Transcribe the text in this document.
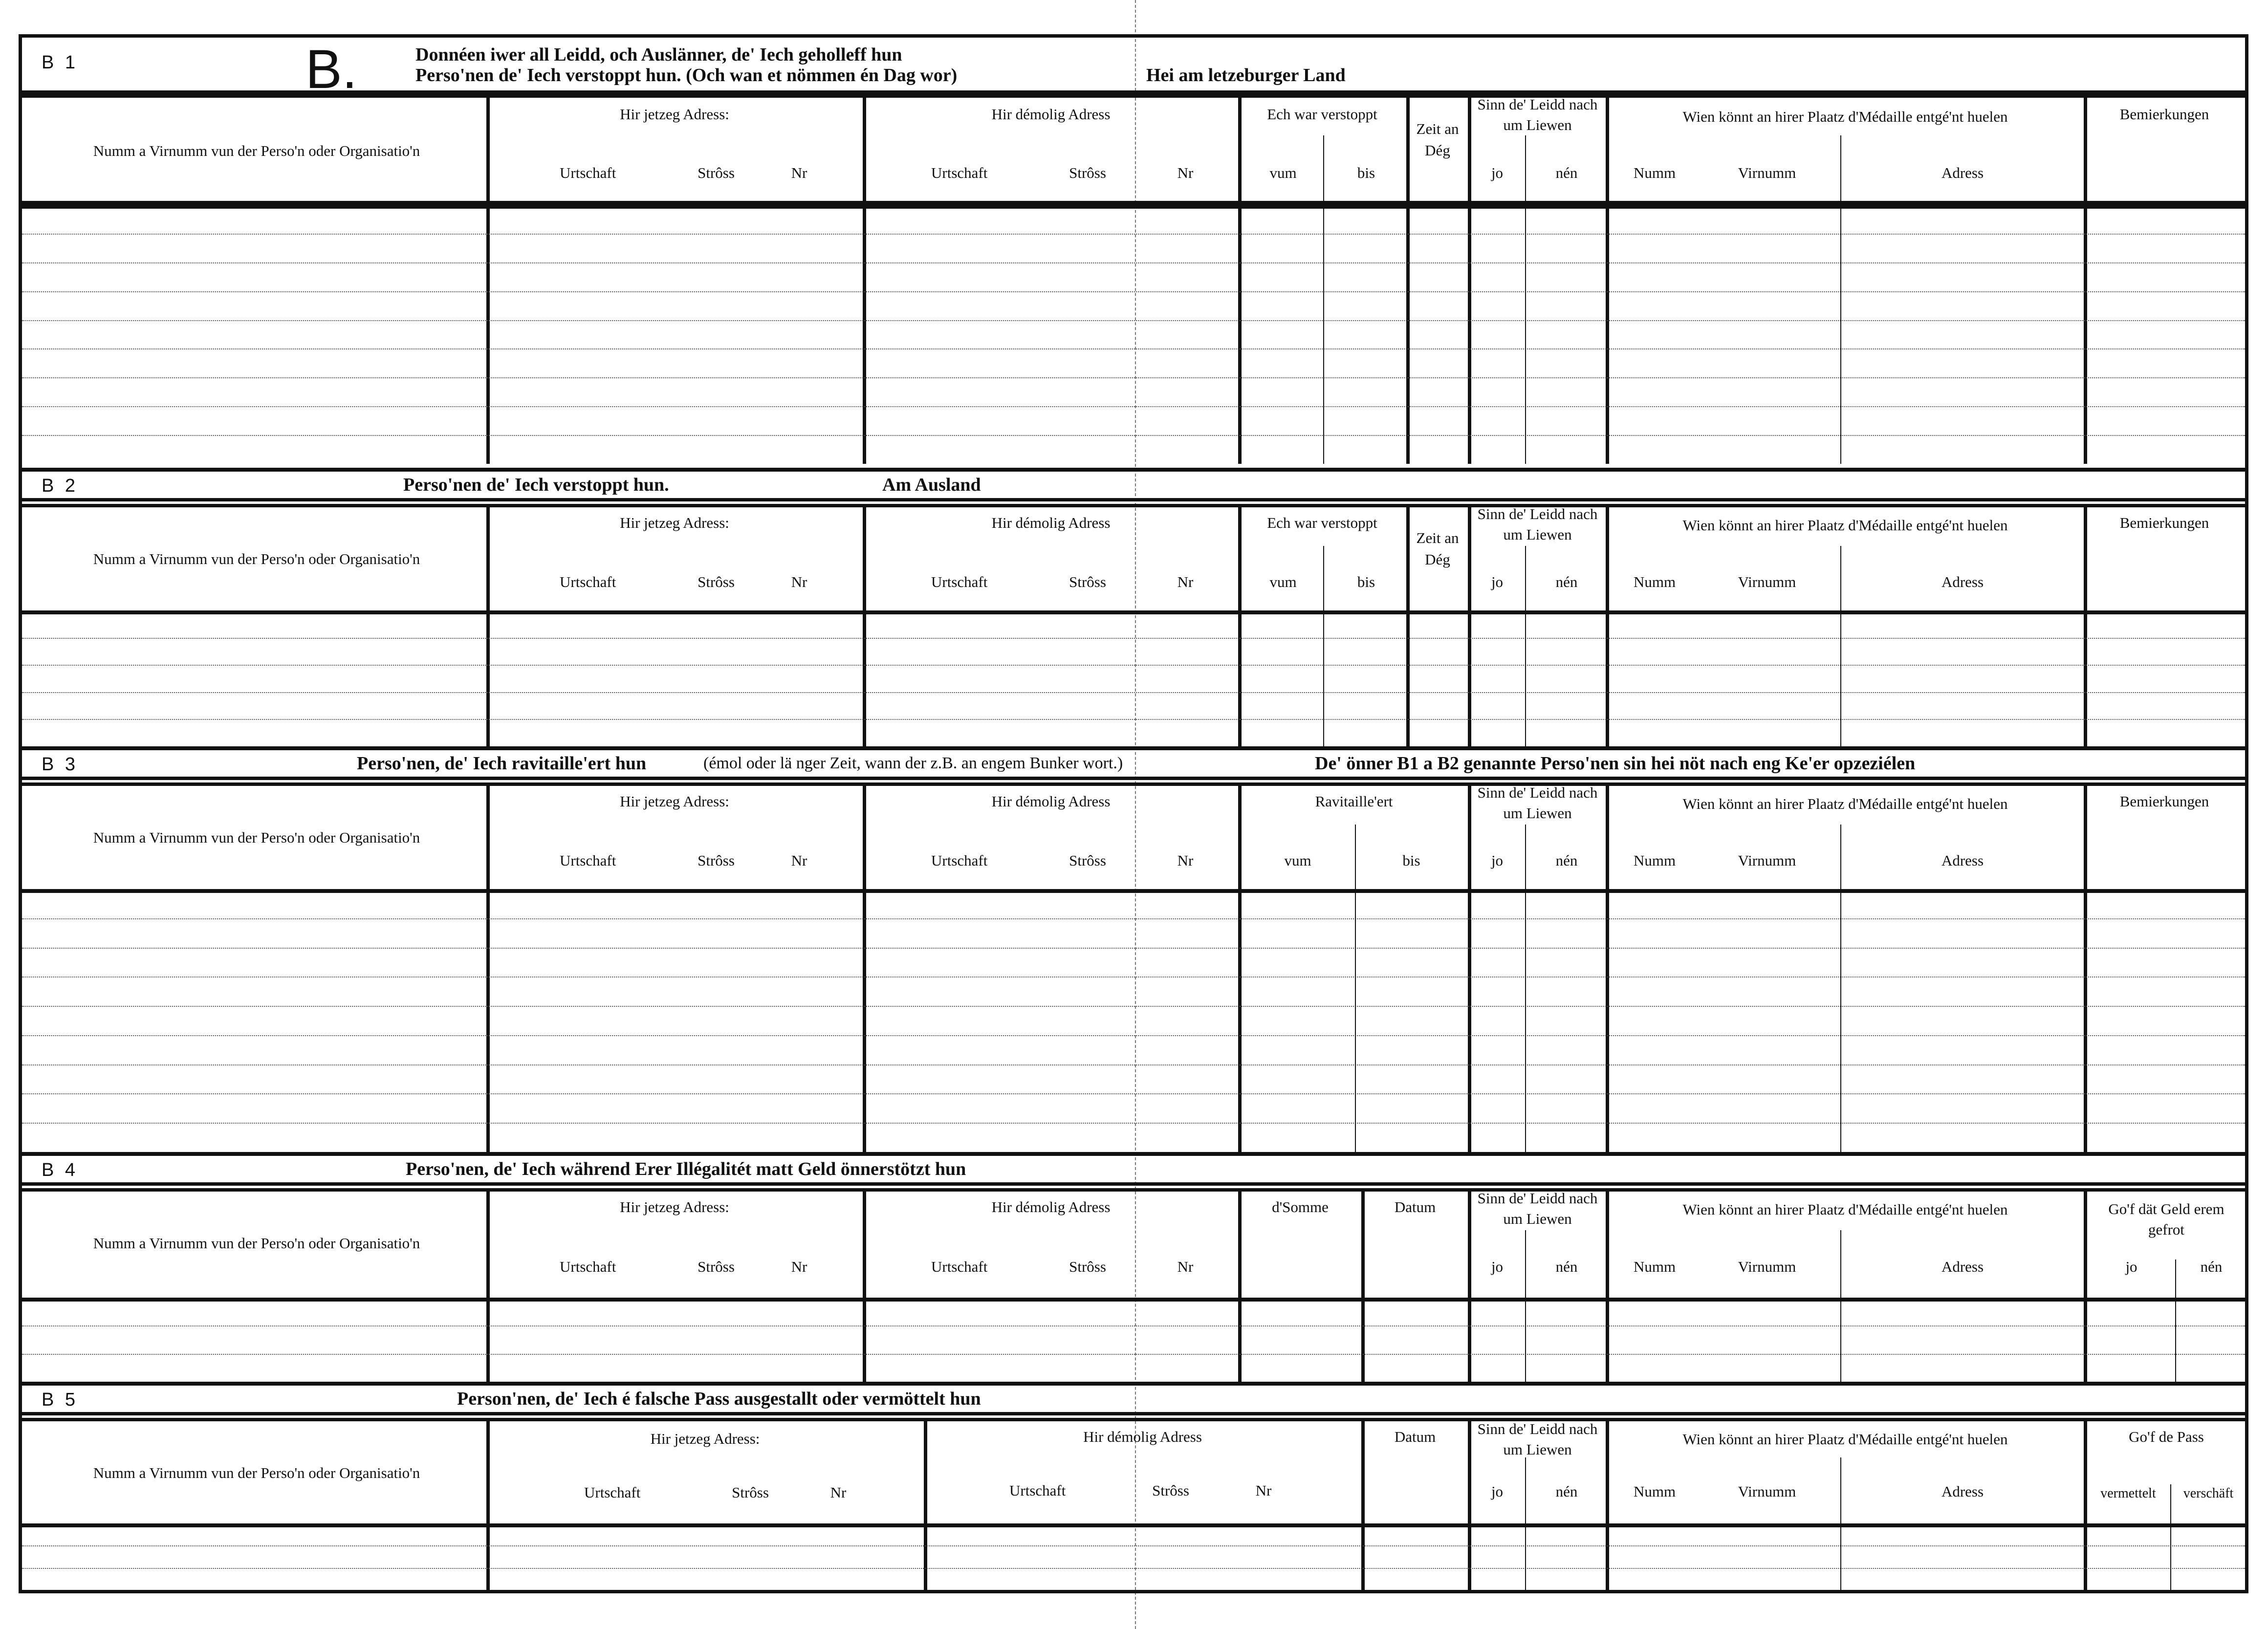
B 1	B.	Donnéen iwer all Leidd, och Auslänner, de' Iech geholleff hun
Perso'nen de' Iech verstoppt hun. (Och wan et nömmen én Dag wor)	Hei am letzeburger Land
B 2	Perso'nen de' Iech verstoppt hun.	Am Ausland
B 3	Perso'nen, de' Iech ravitaille'ert hun	(émol oder lä nger Zeit, wann der z.B. an engem Bunker wort.)	De' önner B1 a B2 genannte Perso'nen sin hei nöt nach eng Ke'er opzeziélen
B 4	Perso'nen, de' Iech während Erer Illégalitét matt Geld önnerstötzt hun
B 5	Person'nen, de' Iech é falsche Pass ausgestallt oder vermöttelt hun
Numm a Virnumm vun der Perso'n oder Organisatio'n
Hir jetzeg Adress:
Urtschaft	Strôss	Nr
Hir démolig Adress
Urtschaft	Strôss	Nr
Ech war verstoppt
vum	bis
Zeit an Dég
Sinn de' Leidd nach um Liewen
jo	nén
Wien könnt an hirer Plaatz d'Médaille entgé'nt huelen
Numm	Virnumm	Adress
Bemierkungen
Numm a Virnumm vun der Perso'n oder Organisatio'n
Hir jetzeg Adress:
Urtschaft	Strôss	Nr
Hir démolig Adress
Urtschaft	Strôss	Nr
Ech war verstoppt
vum	bis
Zeit an Dég
Sinn de' Leidd nach um Liewen
jo	nén
Wien könnt an hirer Plaatz d'Médaille entgé'nt huelen
Numm	Virnumm	Adress
Bemierkungen
Numm a Virnumm vun der Perso'n oder Organisatio'n
Hir jetzeg Adress:
Urtschaft	Strôss	Nr
Hir démolig Adress
Urtschaft	Strôss	Nr
Ravitaille'ert
vum	bis
Sinn de' Leidd nach um Liewen
jo	nén
Wien könnt an hirer Plaatz d'Médaille entgé'nt huelen
Numm	Virnumm	Adress
Bemierkungen
Numm a Virnumm vun der Perso'n oder Organisatio'n
Hir jetzeg Adress:
Urtschaft	Strôss	Nr
Hir démolig Adress
Urtschaft	Strôss	Nr
d'Somme	Datum
Sinn de' Leidd nach um Liewen
jo	nén
Wien könnt an hirer Plaatz d'Médaille entgé'nt huelen
Numm	Virnumm	Adress
Go'f dät Geld erem gefrot
jo	nén
Numm a Virnumm vun der Perso'n oder Organisatio'n
Hir jetzeg Adress:
Urtschaft	Strôss	Nr
Hir démolig Adress
Urtschaft	Strôss	Nr
Datum	Sinn de' Leidd nach um Liewen
jo	nén
Wien könnt an hirer Plaatz d'Médaille entgé'nt huelen
Numm	Virnumm	Adress
Go'f de Pass
vermettelt	verschäft
